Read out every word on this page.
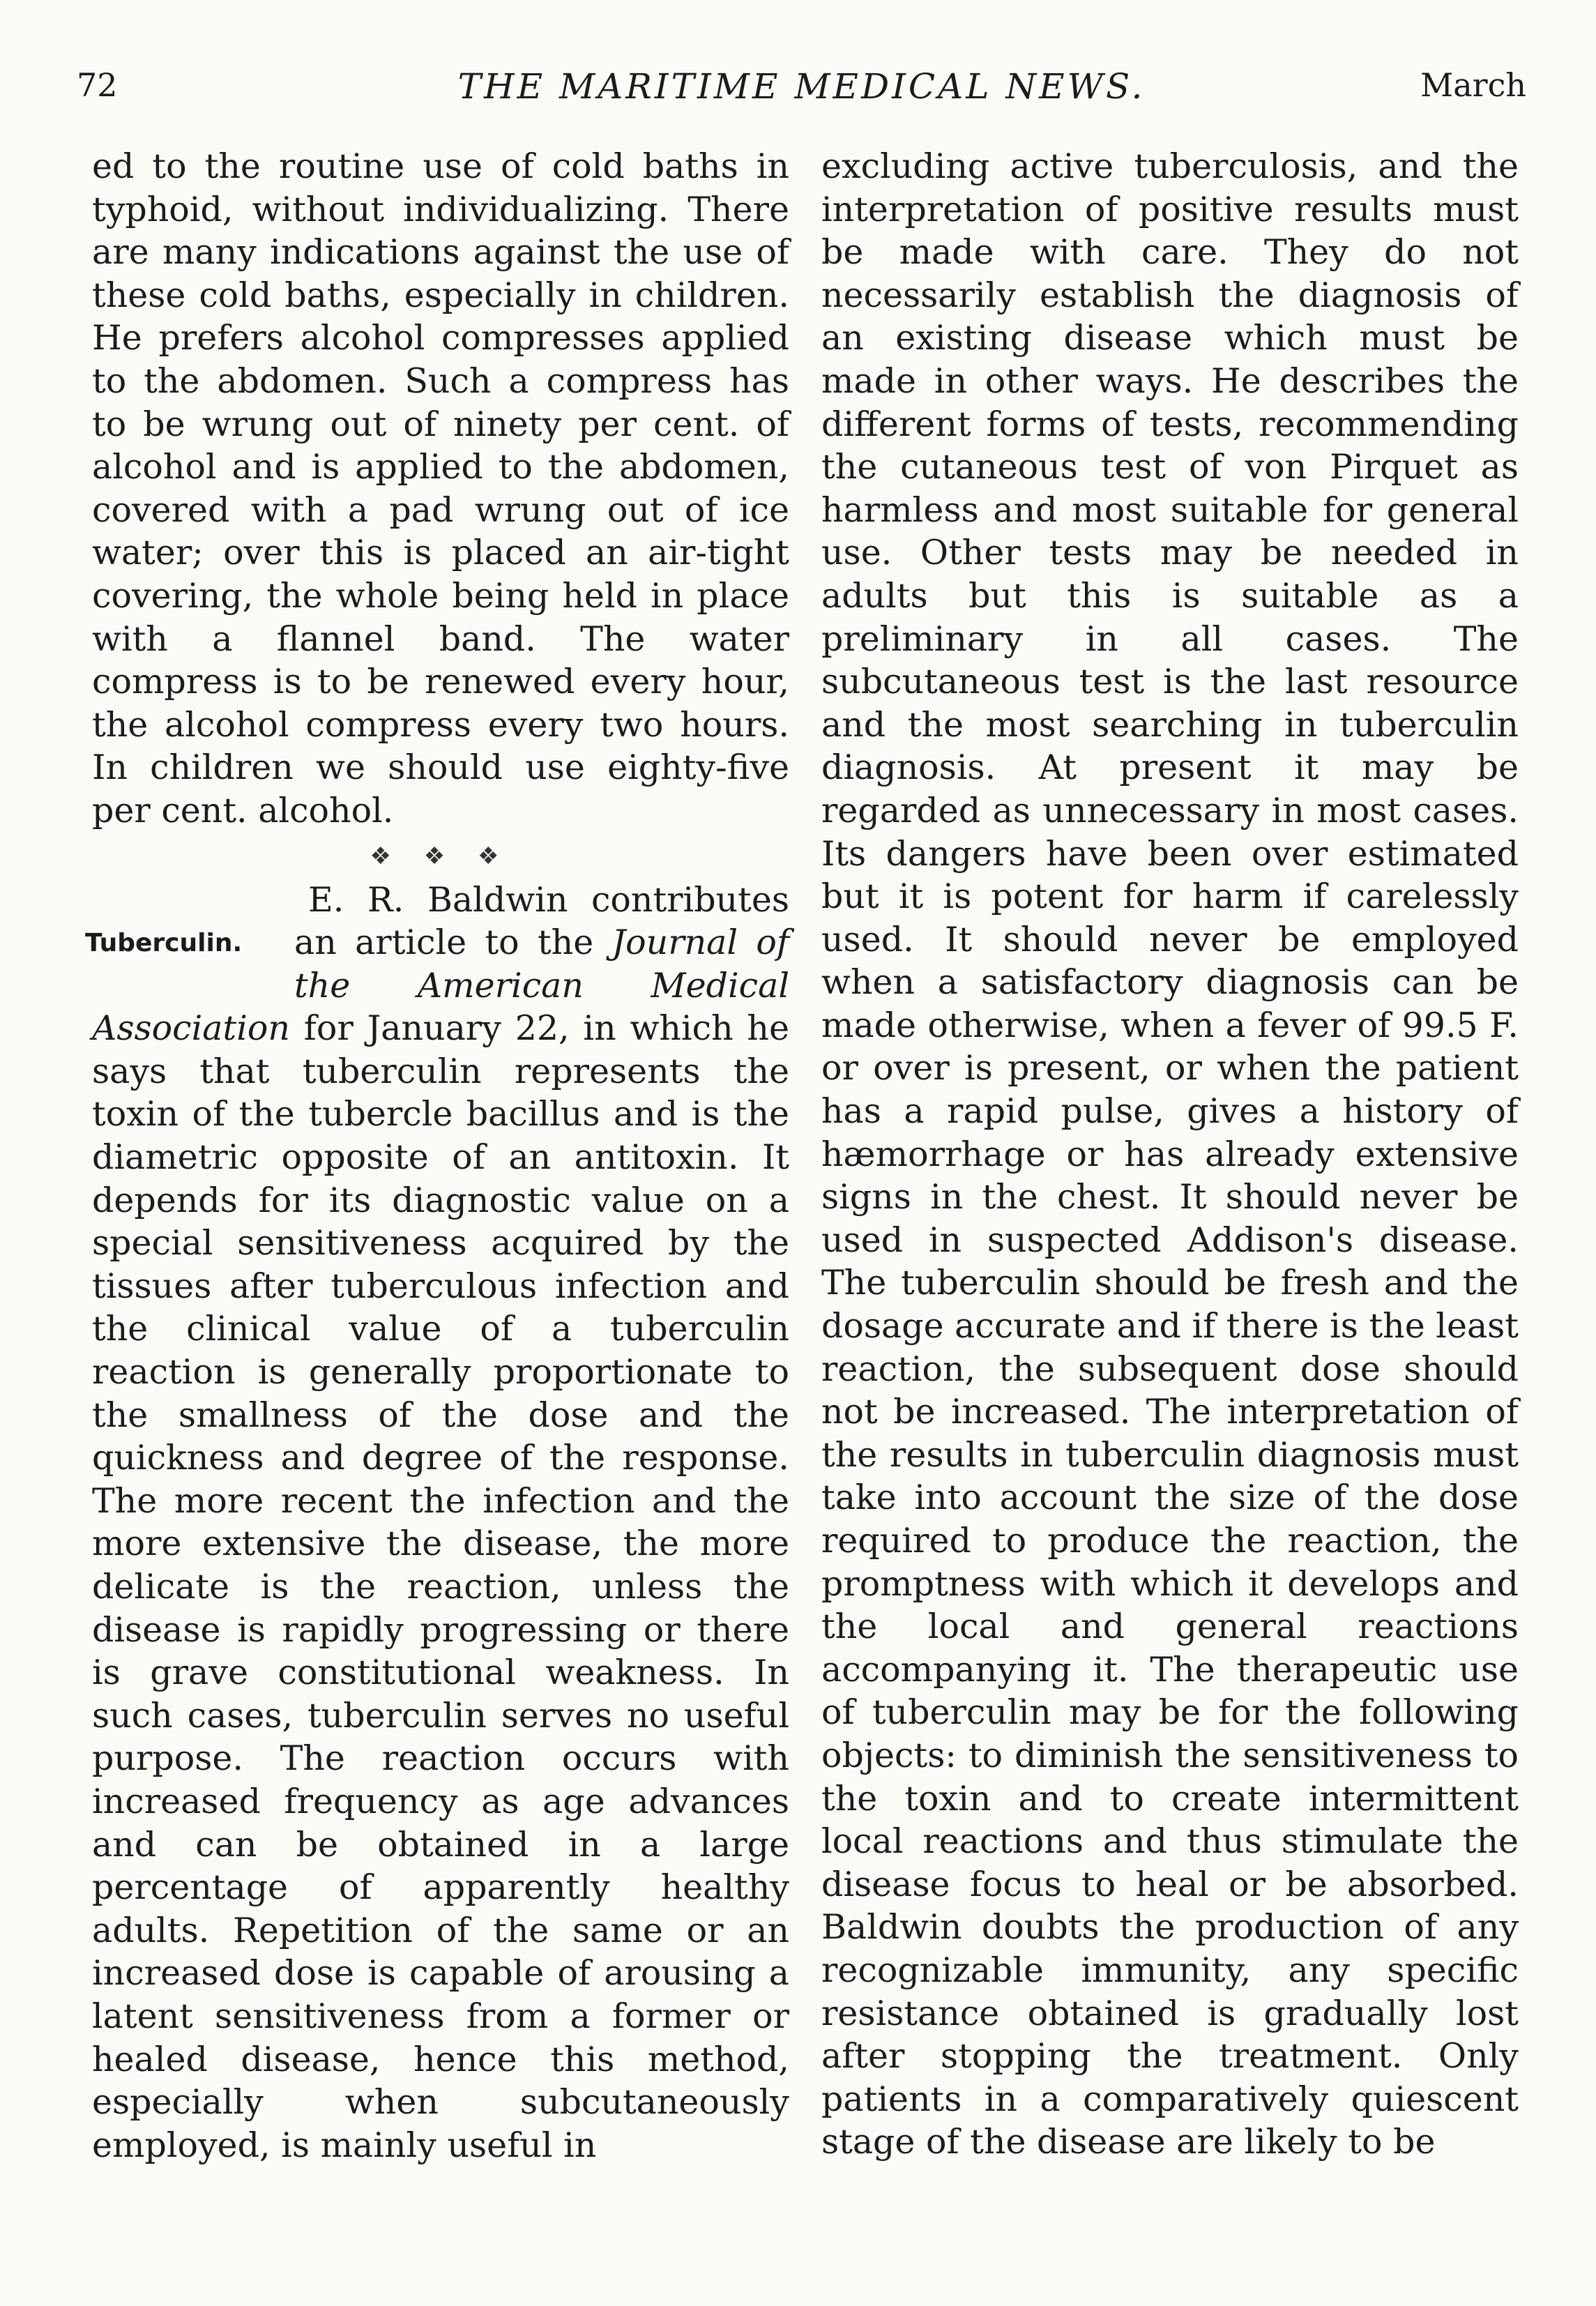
72	THE MARITIME MEDICAL NEWS.	March

ed to the routine use of cold baths in typhoid, without individualizing. There are many indications against the use of these cold baths, especially in children. He prefers alcohol compresses applied to the abdomen. Such a compress has to be wrung out of ninety per cent. of alcohol and is applied to the abdomen, covered with a pad wrung out of ice water; over this is placed an air-tight covering, the whole being held in place with a flannel band. The water compress is to be renewed every hour, the alcohol compress every two hours. In children we should use eighty-five per cent. alcohol.

❖ ❖ ❖
Tuberculin.

E. R. Baldwin contributes an article to the Journal of the American Medical Association for January 22, in which he says that tuberculin represents the toxin of the tubercle bacillus and is the diametric opposite of an antitoxin. It depends for its diagnostic value on a special sensitiveness acquired by the tissues after tuberculous infection and the clinical value of a tuberculin reaction is generally proportionate to the smallness of the dose and the quickness and degree of the response. The more recent the infection and the more extensive the disease, the more delicate is the reaction, unless the disease is rapidly progressing or there is grave constitutional weakness. In such cases, tuberculin serves no useful purpose. The reaction occurs with increased frequency as age advances and can be obtained in a large percentage of apparently healthy adults. Repetition of the same or an increased dose is capable of arousing a latent sensitiveness from a former or healed disease, hence this method, especially when subcutaneously employed, is mainly useful in

excluding active tuberculosis, and the interpretation of positive results must be made with care. They do not necessarily establish the diagnosis of an existing disease which must be made in other ways. He describes the different forms of tests, recommending the cutaneous test of von Pirquet as harmless and most suitable for general use. Other tests may be needed in adults but this is suitable as a preliminary in all cases. The subcutaneous test is the last resource and the most searching in tuberculin diagnosis. At present it may be regarded as unnecessary in most cases. Its dangers have been over estimated but it is potent for harm if carelessly used. It should never be employed when a satisfactory diagnosis can be made otherwise, when a fever of 99.5 F. or over is present, or when the patient has a rapid pulse, gives a history of hæmorrhage or has already extensive signs in the chest. It should never be used in suspected Addison's disease. The tuberculin should be fresh and the dosage accurate and if there is the least reaction, the subsequent dose should not be increased. The interpretation of the results in tuberculin diagnosis must take into account the size of the dose required to produce the reaction, the promptness with which it develops and the local and general reactions accompanying it. The therapeutic use of tuberculin may be for the following objects: to diminish the sensitiveness to the toxin and to create intermittent local reactions and thus stimulate the disease focus to heal or be absorbed. Baldwin doubts the production of any recognizable immunity, any specific resistance obtained is gradually lost after stopping the treatment. Only patients in a comparatively quiescent stage of the disease are likely to be
